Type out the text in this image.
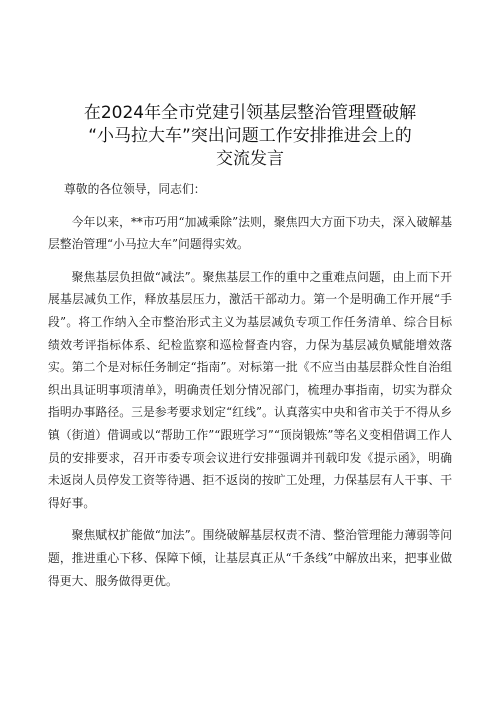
在2024年全市党建引领基层整治管理暨破解
“小马拉大车”突出问题工作安排推进会上的
交流发言

尊敬的各位领导，同志们：

今年以来，**市巧用“加减乘除”法则，聚焦四大方面下功夫，深入破解基层整治管理“小马拉大车”问题得实效。

聚焦基层负担做“减法”。聚焦基层工作的重中之重难点问题，由上而下开展基层减负工作，释放基层压力，激活干部动力。第一个是明确工作开展“手段”。将工作纳入全市整治形式主义为基层减负专项工作任务清单、综合目标绩效考评指标体系、纪检监察和巡检督查内容，力保为基层减负赋能增效落实。第二个是对标任务制定“指南”。对标第一批《不应当由基层群众性自治组织出具证明事项清单》，明确责任划分情况部门，梳理办事指南，切实为群众指明办事路径。三是参考要求划定“红线”。认真落实中央和省市关于不得从乡镇（街道）借调或以“帮助工作”“跟班学习”“顶岗锻炼”等名义变相借调工作人员的安排要求，召开市委专项会议进行安排强调并刊载印发《提示函》，明确未返岗人员停发工资等待遇、拒不返岗的按旷工处理，力保基层有人干事、干得好事。

聚焦赋权扩能做“加法”。围绕破解基层权责不清、整治管理能力薄弱等问题，推进重心下移、保障下倾，让基层真正从“千条线”中解放出来，把事业做得更大、服务做得更优。
